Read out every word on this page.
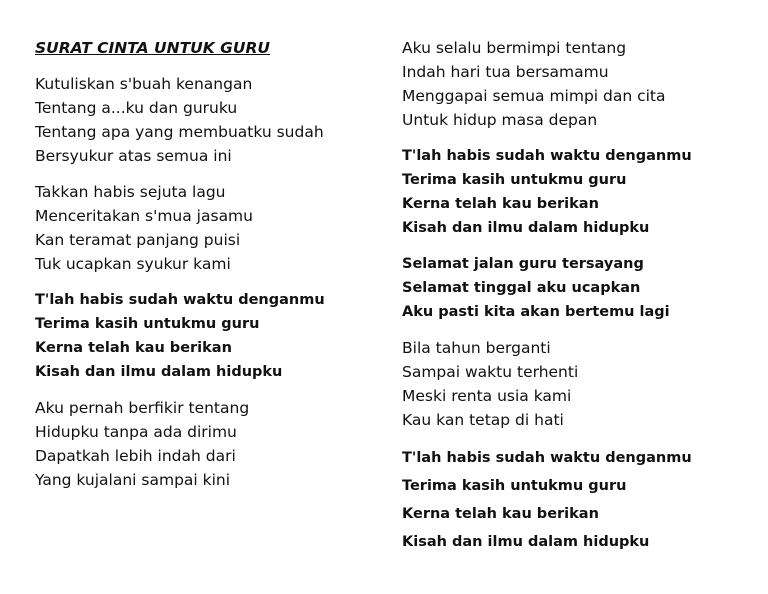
SURAT CINTA UNTUK GURU

Kutuliskan s'buah kenangan
Tentang a...ku dan guruku
Tentang apa yang membuatku sudah
Bersyukur atas semua ini
Takkan habis sejuta lagu
Menceritakan s'mua jasamu
Kan teramat panjang puisi
Tuk ucapkan syukur kami
T'lah habis sudah waktu denganmu
Terima kasih untukmu guru
Kerna telah kau berikan
Kisah dan ilmu dalam hidupku
Aku pernah berfikir tentang
Hidupku tanpa ada dirimu
Dapatkah lebih indah dari
Yang kujalani sampai kini
Aku selalu bermimpi tentang
Indah hari tua bersamamu
Menggapai semua mimpi dan cita
Untuk hidup masa depan
T'lah habis sudah waktu denganmu
Terima kasih untukmu guru
Kerna telah kau berikan
Kisah dan ilmu dalam hidupku
Selamat jalan guru tersayang
Selamat tinggal aku ucapkan
Aku pasti kita akan bertemu lagi
Bila tahun berganti
Sampai waktu terhenti
Meski renta usia kami
Kau kan tetap di hati
T'lah habis sudah waktu denganmu
Terima kasih untukmu guru
Kerna telah kau berikan
Kisah dan ilmu dalam hidupku
